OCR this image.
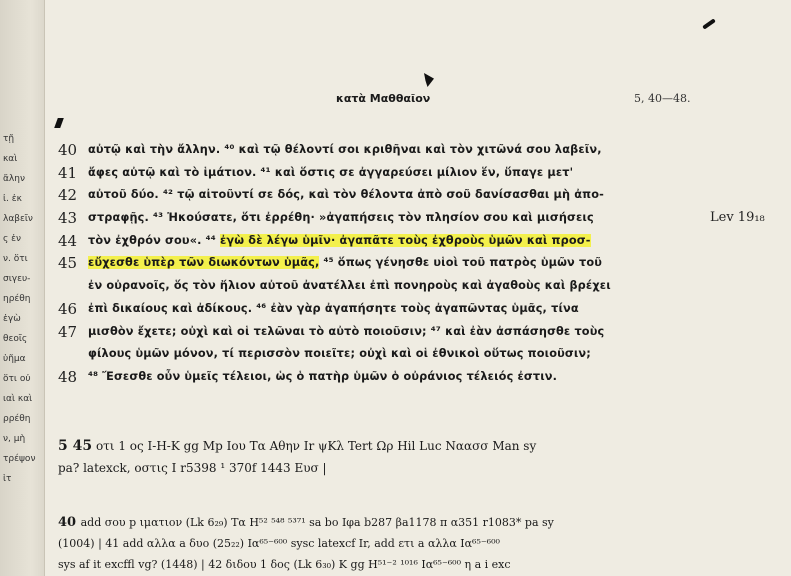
τῇ
καὶ
ἄλην
ἰ. ἐκ
λαβεῖν
ς ἐν
ν. ὅτι
σιγευ-
ηρέθη
ἐγὼ
θεοῖς
ὑῆμα
ὅτι οὐ
ιαὶ καὶ
ρρέθη
ν, μὴ
τρέψον
ἱτ
κατὰ Μαθθαῖον	5, 40—48.
40 αὐτῷ καὶ τὴν ἄλλην. ⁴⁰ καὶ τῷ θέλοντί σοι κριθῆναι καὶ τὸν χιτῶνά σου λαβεῖν,
41 ἄφες αὐτῷ καὶ τὸ ἱμάτιον. ⁴¹ καὶ ὅστις σε ἀγγαρεύσει μίλιον ἕν, ὕπαγε μετ'
42 αὐτοῦ δύο. ⁴² τῷ αἰτοῦντί σε δός, καὶ τὸν θέλοντα ἀπὸ σοῦ δανίσασθαι μὴ ἀπο-
43 στραφῇς. ⁴³ Ἠκούσατε, ὅτι ἐρρέθη· »ἀγαπήσεις τὸν πλησίον σου καὶ μισήσεις	Lev 19₁₈
44 τὸν ἐχθρόν σου«. ⁴⁴ ἐγὼ δὲ λέγω ὑμῖν· ἀγαπᾶτε τοὺς ἐχθροὺς ὑμῶν καὶ προσ-
45 εὔχεσθε ὑπὲρ τῶν διωκόντων ὑμᾶς, ⁴⁵ ὅπως γένησθε υἱοὶ τοῦ πατρὸς ὑμῶν τοῦ
ἐν οὐρανοῖς, ὅς τὸν ἥλιον αὐτοῦ ἀνατέλλει ἐπὶ πονηροὺς καὶ ἀγαθοὺς καὶ βρέχει
46 ἐπὶ δικαίους καὶ ἀδίκους. ⁴⁶ ἐὰν γὰρ ἀγαπήσητε τοὺς ἀγαπῶντας ὑμᾶς, τίνα
47 μισθὸν ἔχετε; οὐχὶ καὶ οἱ τελῶναι τὸ αὐτὸ ποιοῦσιν; ⁴⁷ καὶ ἐὰν ἀσπάσησθε τοὺς
φίλους ὑμῶν μόνον, τί περισσὸν ποιεῖτε; οὐχὶ καὶ οἱ ἐθνικοὶ οὕτως ποιοῦσιν;
48 ⁴⁸ Ἔσεσθε οὖν ὑμεῖς τέλειοι, ὡς ὁ πατὴρ ὑμῶν ὁ οὐράνιος τέλειός ἐστιν.
5 45 οτι 1 ος I-H-K gg Mp Ιου Τα Αθην Ir ψΚλ Tert Ωρ Hil Luc Ναασσ Man sy
pa? latexck, οστις I r5398 ¹ 370f 1443 Ευσ |
40 add σου p ιματιον (Lk 6₂₉) Τα H⁵² ⁵⁴⁸ ⁵³⁷¹ sa bo Iφa b287 βa1178 π α351 r1083* pa sy
(1004) | 41 add αλλα a δυο (25₂₂) Iα⁶⁵⁻⁶⁰⁰ sysc latexcf Ir, add ετι a αλλα Iα⁶⁵⁻⁶⁰⁰
sys af it excffl vg? (1448) | 42 διδου 1 δος (Lk 6₃₀) K gg H⁵¹⁻² ¹⁰¹⁶ Iα⁶⁵⁻⁶⁰⁰ η a i exc
